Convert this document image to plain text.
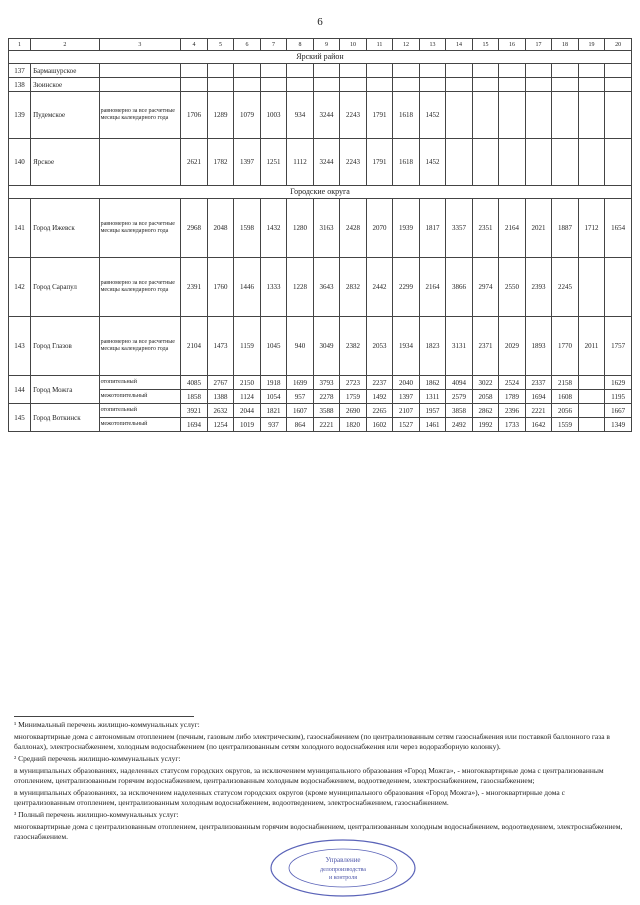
6
1	2	3	4	5	6	7	8	9	10	11	12	13	14	15	16	17	18	19	20
Ярский район																			
137	Бармашурское																		
138	Зюинское																		
139	Пудемское	равномерно за все расчетные месяцы календарного года	1706	1289	1079	1003	934	3244	2243	1791	1618	1452							
140	Ярское		2621	1782	1397	1251	1112	3244	2243	1791	1618	1452							
Городские округа																			
141	Город Ижевск	равномерно за все расчетные месяцы календарного года	2968	2048	1598	1432	1280	3163	2428	2070	1939	1817	3357	2351	2164	2021	1887	1712	1654
142	Город Сарапул	равномерно за все расчетные месяцы календарного года	2391	1760	1446	1333	1228	3643	2832	2442	2299	2164	3866	2974	2550	2393	2245		
143	Город Глазов	равномерно за все расчетные месяцы календарного года	2104	1473	1159	1045	940	3049	2382	2053	1934	1823	3131	2371	2029	1893	1770	2011	1757
144	Город Можга	отопительный	4085	2767	2150	1918	1699	3793	2723	2237	2040	1862	4094	3022	2524	2337	2158		1629
		межотопительный	1858	1388	1124	1054	957	2278	1759	1492	1397	1311	2579	2058	1789	1694	1608		1195
145	Город Воткинск	отопительный	3921	2632	2044	1821	1607	3588	2690	2265	2107	1957	3858	2862	2396	2221	2056		1667
		межотопительный	1694	1254	1019	937	864	2221	1820	1602	1527	1461	2492	1992	1733	1642	1559		1349

¹ Минимальный перечень жилищно-коммунальных услуг:

многоквартирные дома с автономным отоплением (печным, газовым либо электрическим), газоснабжением (по централизованным сетям газоснабжения или поставкой баллонного газа в баллонах), электроснабжением, холодным водоснабжением (по централизованным сетям холодного водоснабжения или через водоразборную колонку).

² Средний перечень жилищно-коммунальных услуг:

в муниципальных образованиях, наделенных статусом городских округов, за исключением муниципального образования «Город Можга», - многоквартирные дома с централизованным отоплением, централизованным горячим водоснабжением, централизованным холодным водоснабжением, водоотведением, электроснабжением, газоснабжением;

в муниципальных образованиях, за исключением наделенных статусом городских округов (кроме муниципального образования «Город Можга»), - многоквартирные дома с централизованным отоплением, централизованным холодным водоснабжением, водоотведением, электроснабжением, газоснабжением.

³ Полный перечень жилищно-коммунальных услуг:

многоквартирные дома с централизованным отоплением, централизованным горячим водоснабжением, централизованным холодным водоснабжением, водоотведением, электроснабжением, газоснабжением.

Управление
делопроизводства
и контроля
